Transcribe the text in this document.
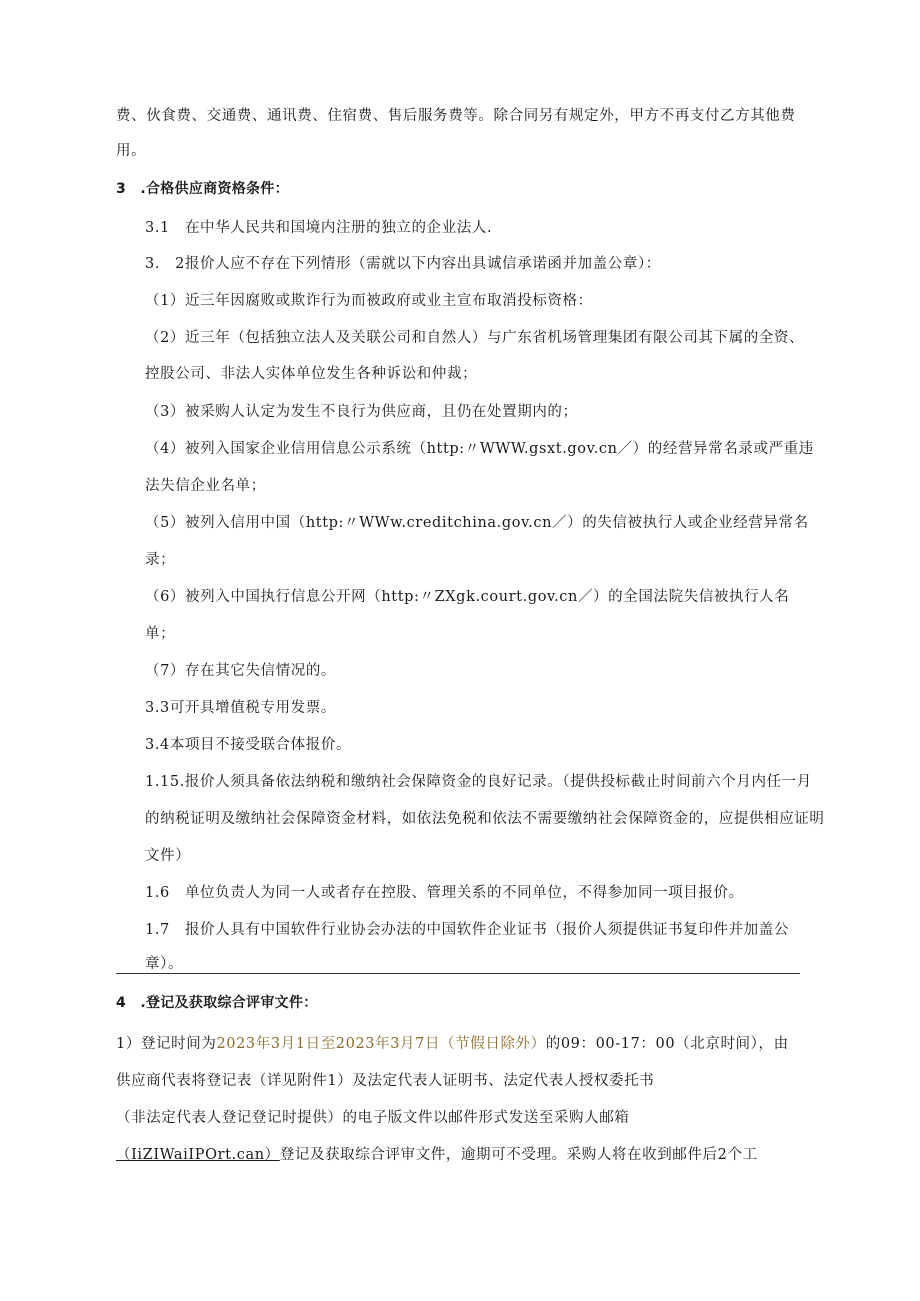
费、伙食费、交通费、通讯费、住宿费、售后服务费等。除合同另有规定外，甲方不再支付乙方其他费
用。
3　.合格供应商资格条件：
3.1　在中华人民共和国境内注册的独立的企业法人.
3.　2报价人应不存在下列情形（需就以下内容出具诚信承诺函并加盖公章）：
（1）近三年因腐败或欺诈行为而被政府或业主宣布取消投标资格：
（2）近三年（包括独立法人及关联公司和自然人）与广东省机场管理集团有限公司其下属的全资、
控股公司、非法人实体单位发生各种诉讼和仲裁；
（3）被采购人认定为发生不良行为供应商，且仍在处置期内的；
（4）被列入国家企业信用信息公示系统（http:〃WWW.gsxt.gov.cn／）的经营异常名录或严重违
法失信企业名单；
（5）被列入信用中国（http:〃WWw.creditchina.gov.cn／）的失信被执行人或企业经营异常名
录；
（6）被列入中国执行信息公开网（http:〃ZXgk.court.gov.cn／）的全国法院失信被执行人名
单；
（7）存在其它失信情况的。
3.3可开具增值税专用发票。
3.4本项目不接受联合体报价。
1.15.报价人须具备依法纳税和缴纳社会保障资金的良好记录。（提供投标截止时间前六个月内任一月
的纳税证明及缴纳社会保障资金材料，如依法免税和依法不需要缴纳社会保障资金的，应提供相应证明
文件）
1.6　单位负责人为同一人或者存在控股、管理关系的不同单位，不得参加同一项目报价。
1.7　报价人具有中国软件行业协会办法的中国软件企业证书（报价人须提供证书复印件并加盖公
章）。
4　.登记及获取综合评审文件：
1）登记时间为2023年3月1日至2023年3月7日（节假日除外）的09：00-17：00（北京时间），由
供应商代表将登记表（详见附件1）及法定代表人证明书、法定代表人授权委托书
（非法定代表人登记登记时提供）的电子版文件以邮件形式发送至采购人邮箱
（IiZIWaiIPOrt.can）登记及获取综合评审文件，逾期可不受理。采购人将在收到邮件后2个工
